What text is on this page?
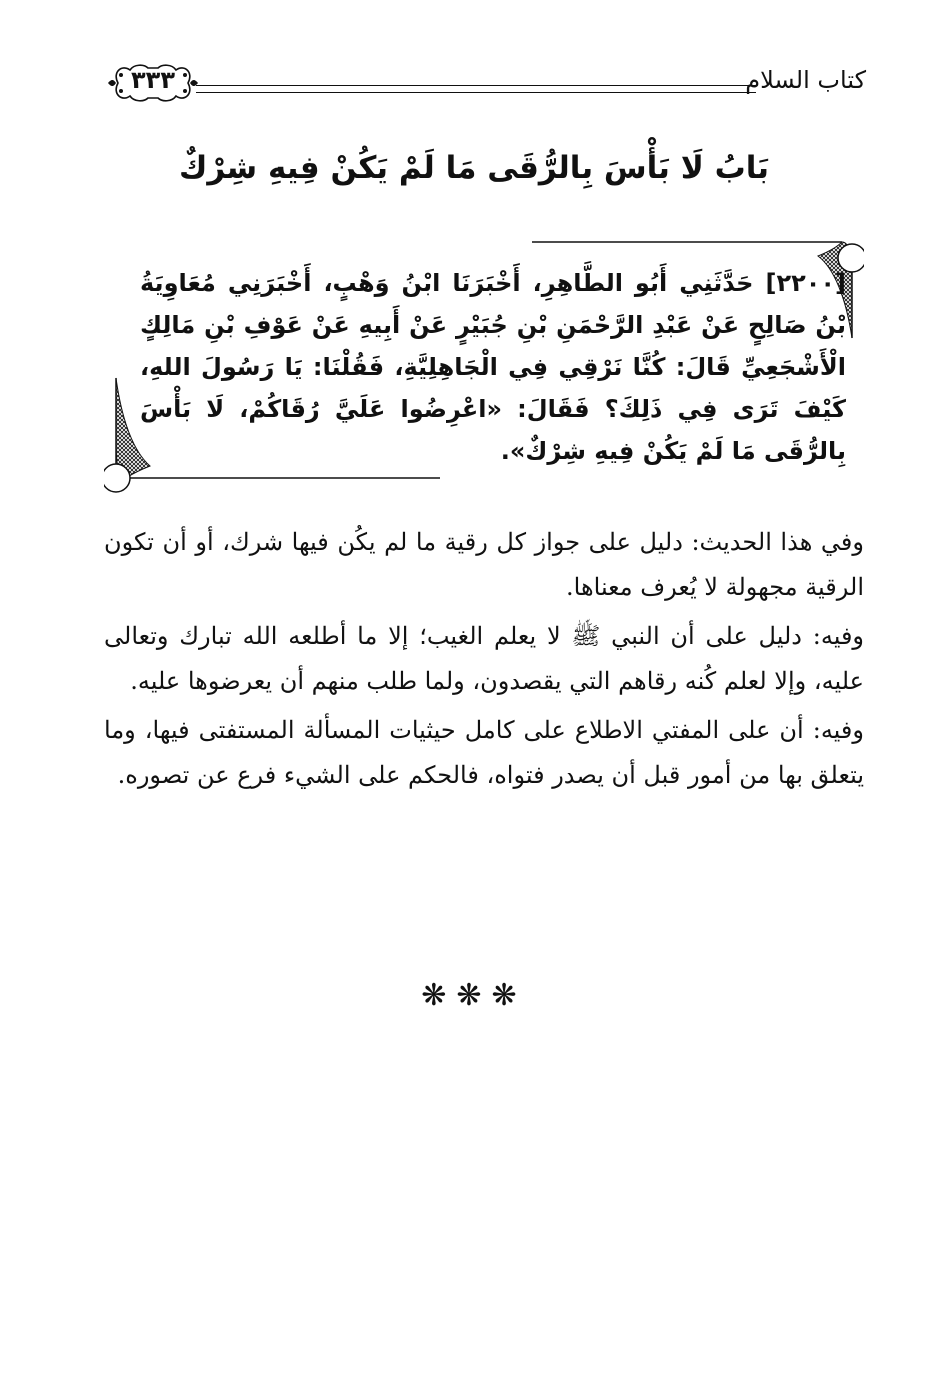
كتاب السلام
٣٣٣
بَابُ لَا بَأْسَ بِالرُّقَى مَا لَمْ يَكُنْ فِيهِ شِرْكٌ
[٢٢٠٠] حَدَّثَنِي أَبُو الطَّاهِرِ، أَخْبَرَنَا ابْنُ وَهْبٍ، أَخْبَرَنِي مُعَاوِيَةُ بْنُ صَالِحٍ عَنْ عَبْدِ الرَّحْمَنِ بْنِ جُبَيْرٍ عَنْ أَبِيهِ عَنْ عَوْفِ بْنِ مَالِكٍ الْأَشْجَعِيِّ قَالَ: كُنَّا نَرْقِي فِي الْجَاهِلِيَّةِ، فَقُلْنَا: يَا رَسُولَ اللهِ، كَيْفَ تَرَى فِي ذَلِكَ؟ فَقَالَ: «اعْرِضُوا عَلَيَّ رُقَاكُمْ، لَا بَأْسَ بِالرُّقَى مَا لَمْ يَكُنْ فِيهِ شِرْكٌ».

وفي هذا الحديث: دليل على جواز كل رقية ما لم يكُن فيها شرك، أو أن تكون الرقية مجهولة لا يُعرف معناها.

وفيه: دليل على أن النبي ﷺ لا يعلم الغيب؛ إلا ما أطلعه الله تبارك وتعالى عليه، وإلا لعلم كُنه رقاهم التي يقصدون، ولما طلب منهم أن يعرضوها عليه.

وفيه: أن على المفتي الاطلاع على كامل حيثيات المسألة المستفتى فيها، وما يتعلق بها من أمور قبل أن يصدر فتواه، فالحكم على الشيء فرع عن تصوره.

❋❋❋
